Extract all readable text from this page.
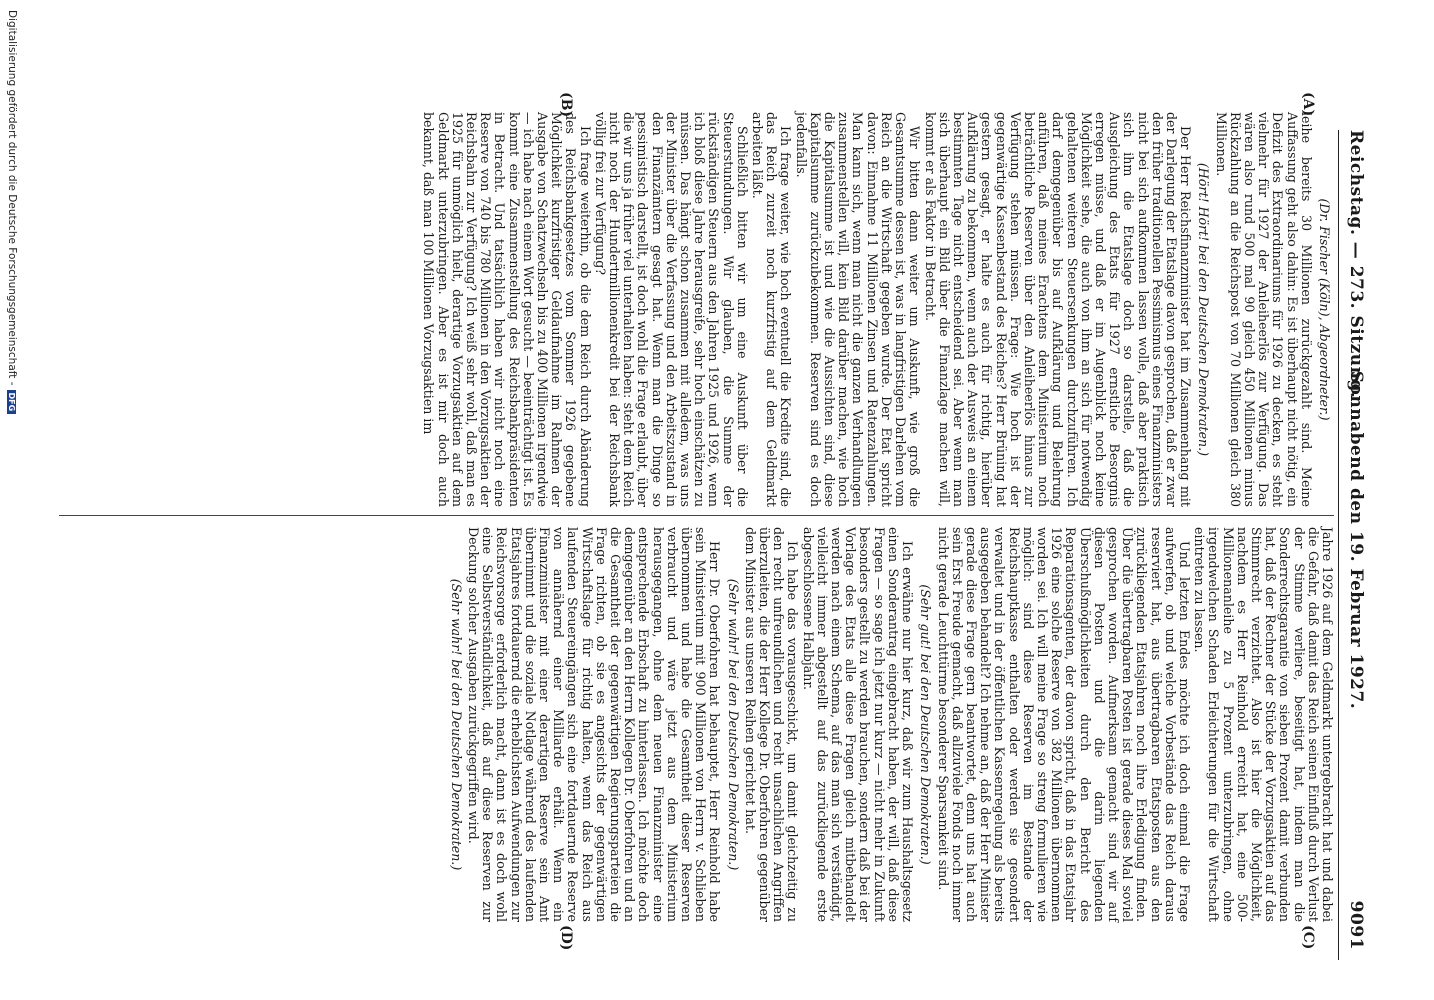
Reichstag. — 273. Sitzung.
Sonnabend den 19. Februar 1927.
9091
(A)
(B)
(C)
(D)

(Dr. Fischer (Köln), Abgeordneter.)

leihe bereits 30 Millionen zurückgezahlt sind. Meine Auffassung geht also dahin: Es ist überhaupt nicht nötig, ein Defizit des Extraordinariums für 1926 zu decken, es steht vielmehr für 1927 der Anleiheerlös zur Verfügung. Das wären also rund 500 mal 90 gleich 450 Millionen minus Rückzahlung an die Reichspost von 70 Millionen gleich 380 Millionen.

(Hört! Hört! bei den Deutschen Demokraten.)

Der Herr Reichsfinanzminister hat im Zusammenhang mit der Darlegung der Etatslage davon gesprochen, daß er zwar den früher traditionellen Pessimismus eines Finanzministers nicht bei sich aufkommen lassen wolle, daß aber praktisch sich ihm die Etatslage doch so darstelle, daß die Ausgleichung des Etats für 1927 ernstliche Besorgnis erregen müsse, und daß er im Augenblick noch keine Möglichkeit sehe, die auch von ihm an sich für notwendig gehaltenen weiteren Steuersenkungen durchzuführen. Ich darf demgegenüber bis auf Aufklärung und Belehrung anführen, daß meines Erachtens dem Ministerium noch beträchtliche Reserven über den Anleiheerlös hinaus zur Verfügung stehen müssen. Frage: Wie hoch ist der gegenwärtige Kassenbestand des Reiches? Herr Brüning hat gestern gesagt, er halte es auch für richtig, hierüber Aufklärung zu bekommen, wenn auch der Ausweis an einem bestimmten Tage nicht entscheidend sei. Aber wenn man sich überhaupt ein Bild über die Finanzlage machen will, kommt er als Faktor in Betracht.

Wir bitten dann weiter um Auskunft, wie groß die Gesamtsumme dessen ist, was in langfristigen Darlehen vom Reich an die Wirtschaft gegeben wurde. Der Etat spricht davon: Einnahme 11 Millionen Zinsen und Ratenzahlungen. Man kann sich, wenn man nicht die ganzen Verhandlungen zusammenstellen will, kein Bild darüber machen, wie hoch die Kapitalsumme ist und wie die Aussichten sind, diese Kapitalsumme zurückzubekommen. Reserven sind es doch jedenfalls.

Ich frage weiter, wie hoch eventuell die Kredite sind, die das Reich zurzeit noch kurzfristig auf dem Geldmarkt arbeiten läßt.

Schließlich bitten wir um eine Auskunft über die Steuerstundungen. Wir glauben, die Summe der rückständigen Steuern aus den Jahren 1925 und 1926, wenn ich bloß diese Jahre herausgreife, sehr hoch einschätzen zu müssen. Das hängt schon zusammen mit alledem, was uns der Minister über die Verfassung und den Arbeitszustand in den Finanzämtern gesagt hat. Wenn man die Dinge so pessimistisch darstellt, ist doch wohl die Frage erlaubt, über die wir uns ja früher viel unterhalten haben: steht dem Reich nicht noch der Hundertmillionenkredit bei der Reichsbank völlig frei zur Verfügung?

Ich frage weiterhin, ob die dem Reich durch Abänderung des Reichsbankgesetzes vom Sommer 1926 gegebene Möglichkeit kurzfristiger Geldaufnahme im Rahmen der Ausgabe von Schatzwechseln bis zu 400 Millionen irgendwie — ich habe nach einem Wort gesucht — beeinträchtigt ist. Es kommt eine Zusammenstellung des Reichsbankpräsidenten in Betracht. Und tatsächlich haben wir nicht noch eine Reserve von 740 bis 780 Millionen in den Vorzugsaktien der Reichsbahn zur Verfügung? Ich weiß sehr wohl, daß man es 1925 für unmöglich hielt, derartige Vorzugsaktien auf dem Geldmarkt unterzubringen. Aber es ist mir doch auch bekannt, daß man 100 Millionen Vorzugsaktien im

Jahre 1926 auf dem Geldmarkt untergebracht hat und dabei die Gefahr, daß damit das Reich seinen Einfluß durch Verlust der Stimme verliere, beseitigt hat, indem man die Sonderrechtsgarantie von sieben Prozent damit verbunden hat, daß der Rechner der Stücke der Vorzugsaktien auf das Stimmrecht verzichtet. Also ist hier die Möglichkeit, nachdem es Herr Reinhold erreicht hat, eine 500-Millionenanleihe zu 5 Prozent unterzubringen, ohne irgendwelchen Schaden Erleichterungen für die Wirtschaft eintreten zu lassen.

Und letzten Endes möchte ich doch einmal die Frage aufwerfen, ob und welche Vorbestände das Reich daraus reserviert hat, aus übertragbaren Etatsposten aus den zurückliegenden Etatsjahren noch ihre Erledigung finden. Über die übertragbaren Posten ist gerade dieses Mal soviel gesprochen worden. Aufmerksam gemacht sind wir auf diesen Posten und die darin liegenden Überschußmöglichkeiten durch den Bericht des Reparationsagenten, der davon spricht, daß in das Etatsjahr 1926 eine solche Reserve von 382 Millionen übernommen worden sei. Ich will meine Frage so streng formulieren wie möglich: sind diese Reserven im Bestande der Reichshauptkasse enthalten oder werden sie gesondert verwaltet und in der öffentlichen Kassenregelung als bereits ausgegeben behandelt? Ich nehme an, daß der Herr Minister gerade diese Frage gern beantwortet, denn uns hat auch sein Erst Freude gemacht, daß allzuviele Fonds noch immer nicht gerade Leuchttürme besonderer Sparsamkeit sind.

(Sehr gut! bei den Deutschen Demokraten.)

Ich erwähne nur hier kurz, daß wir zum Haushaltsgesetz einen Sonderantrag eingebracht haben, der will, daß diese Fragen — so sage ich jetzt nur kurz — nicht mehr in Zukunft besonders gestellt zu werden brauchen, sondern daß bei der Vorlage des Etats alle diese Fragen gleich mitbehandelt werden nach einem Schema, auf das man sich verständigt, vielleicht immer abgestellt auf das zurückliegende erste abgeschlossene Halbjahr.

Ich habe das vorausgeschickt, um damit gleichzeitig zu den recht unfreundlichen und recht unsachlichen Angriffen überzuleiten, die der Herr Kollege Dr. Oberfohren gegenüber dem Minister aus unseren Reihen gerichtet hat.

(Sehr wahr! bei den Deutschen Demokraten.)

Herr Dr. Oberfohren hat behauptet, Herr Reinhold habe sein Ministerium mit 900 Millionen von Herrn v. Schlieben übernommen und habe die Gesamtheit dieser Reserven verbraucht und wäre jetzt aus dem Ministerium herausgegangen, ohne dem neuen Finanzminister eine entsprechende Erbschaft zu hinterlassen. Ich möchte doch demgegenüber an den Herrn Kollegen Dr. Oberfohren und an die Gesamtheit der gegenwärtigen Regierungsparteien die Frage richten, ob sie es angesichts der gegenwärtigen Wirtschaftslage für richtig halten, wenn das Reich aus laufenden Steuereingängen sich eine fortdauernde Reserve von annähernd einer Milliarde erhält. Wenn ein Finanzminister mit einer derartigen Reserve sein Amt übernimmt und die soziale Notlage während des laufenden Etatsjahres fortdauernd die erheblichsten Aufwendungen zur Reichsvorsorge erforderlich macht, dann ist es doch wohl eine Selbstverständlichkeit, daß auf diese Reserven zur Deckung solcher Ausgaben zurückgegriffen wird.

(Sehr wahr! bei den Deutschen Demokraten.)

Digitalisierung gefördert durch die Deutsche Forschungsgemeinschaft -DFG
